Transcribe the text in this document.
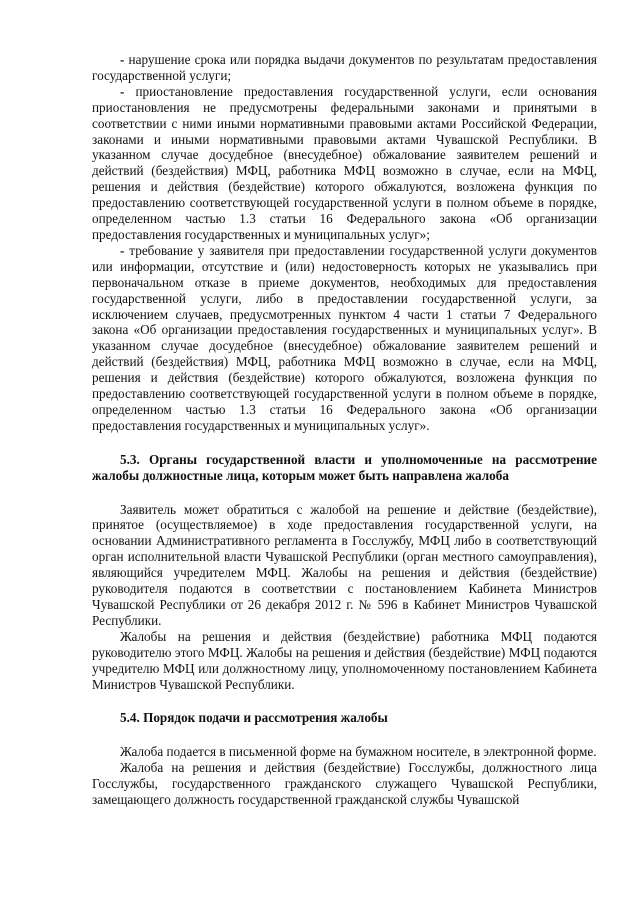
- нарушение срока или порядка выдачи документов по результатам предоставления государственной услуги;

- приостановление предоставления государственной услуги, если основания приостановления не предусмотрены федеральными законами и принятыми в соответствии с ними иными нормативными правовыми актами Российской Федерации, законами и иными нормативными правовыми актами Чувашской Республики. В указанном случае досудебное (внесудебное) обжалование заявителем решений и действий (бездействия) МФЦ, работника МФЦ возможно в случае, если на МФЦ, решения и действия (бездействие) которого обжалуются, возложена функция по предоставлению соответствующей государственной услуги в полном объеме в порядке, определенном частью 1.3 статьи 16 Федерального закона «Об организации предоставления государственных и муниципальных услуг»;

- требование у заявителя при предоставлении государственной услуги документов или информации, отсутствие и (или) недостоверность которых не указывались при первоначальном отказе в приеме документов, необходимых для предоставления государственной услуги, либо в предоставлении государственной услуги, за исключением случаев, предусмотренных пунктом 4 части 1 статьи 7 Федерального закона «Об организации предоставления государственных и муниципальных услуг». В указанном случае досудебное (внесудебное) обжалование заявителем решений и действий (бездействия) МФЦ, работника МФЦ возможно в случае, если на МФЦ, решения и действия (бездействие) которого обжалуются, возложена функция по предоставлению соответствующей государственной услуги в полном объеме в порядке, определенном частью 1.3 статьи 16 Федерального закона «Об организации предоставления государственных и муниципальных услуг».

5.3. Органы государственной власти и уполномоченные на рассмотрение жалобы должностные лица, которым может быть направлена жалоба

Заявитель может обратиться с жалобой на решение и действие (бездействие), принятое (осуществляемое) в ходе предоставления государственной услуги, на основании Административного регламента в Госслужбу, МФЦ либо в соответствующий орган исполнительной власти Чувашской Республики (орган местного самоуправления), являющийся учредителем МФЦ. Жалобы на решения и действия (бездействие) руководителя подаются в соответствии с постановлением Кабинета Министров Чувашской Республики от 26 декабря 2012 г. № 596 в Кабинет Министров Чувашской Республики.

Жалобы на решения и действия (бездействие) работника МФЦ подаются руководителю этого МФЦ. Жалобы на решения и действия (бездействие) МФЦ подаются учредителю МФЦ или должностному лицу, уполномоченному постановлением Кабинета Министров Чувашской Республики.

5.4. Порядок подачи и рассмотрения жалобы

Жалоба подается в письменной форме на бумажном носителе, в электронной форме.

Жалоба на решения и действия (бездействие) Госслужбы, должностного лица Госслужбы, государственного гражданского служащего Чувашской Республики, замещающего должность государственной гражданской службы Чувашской
